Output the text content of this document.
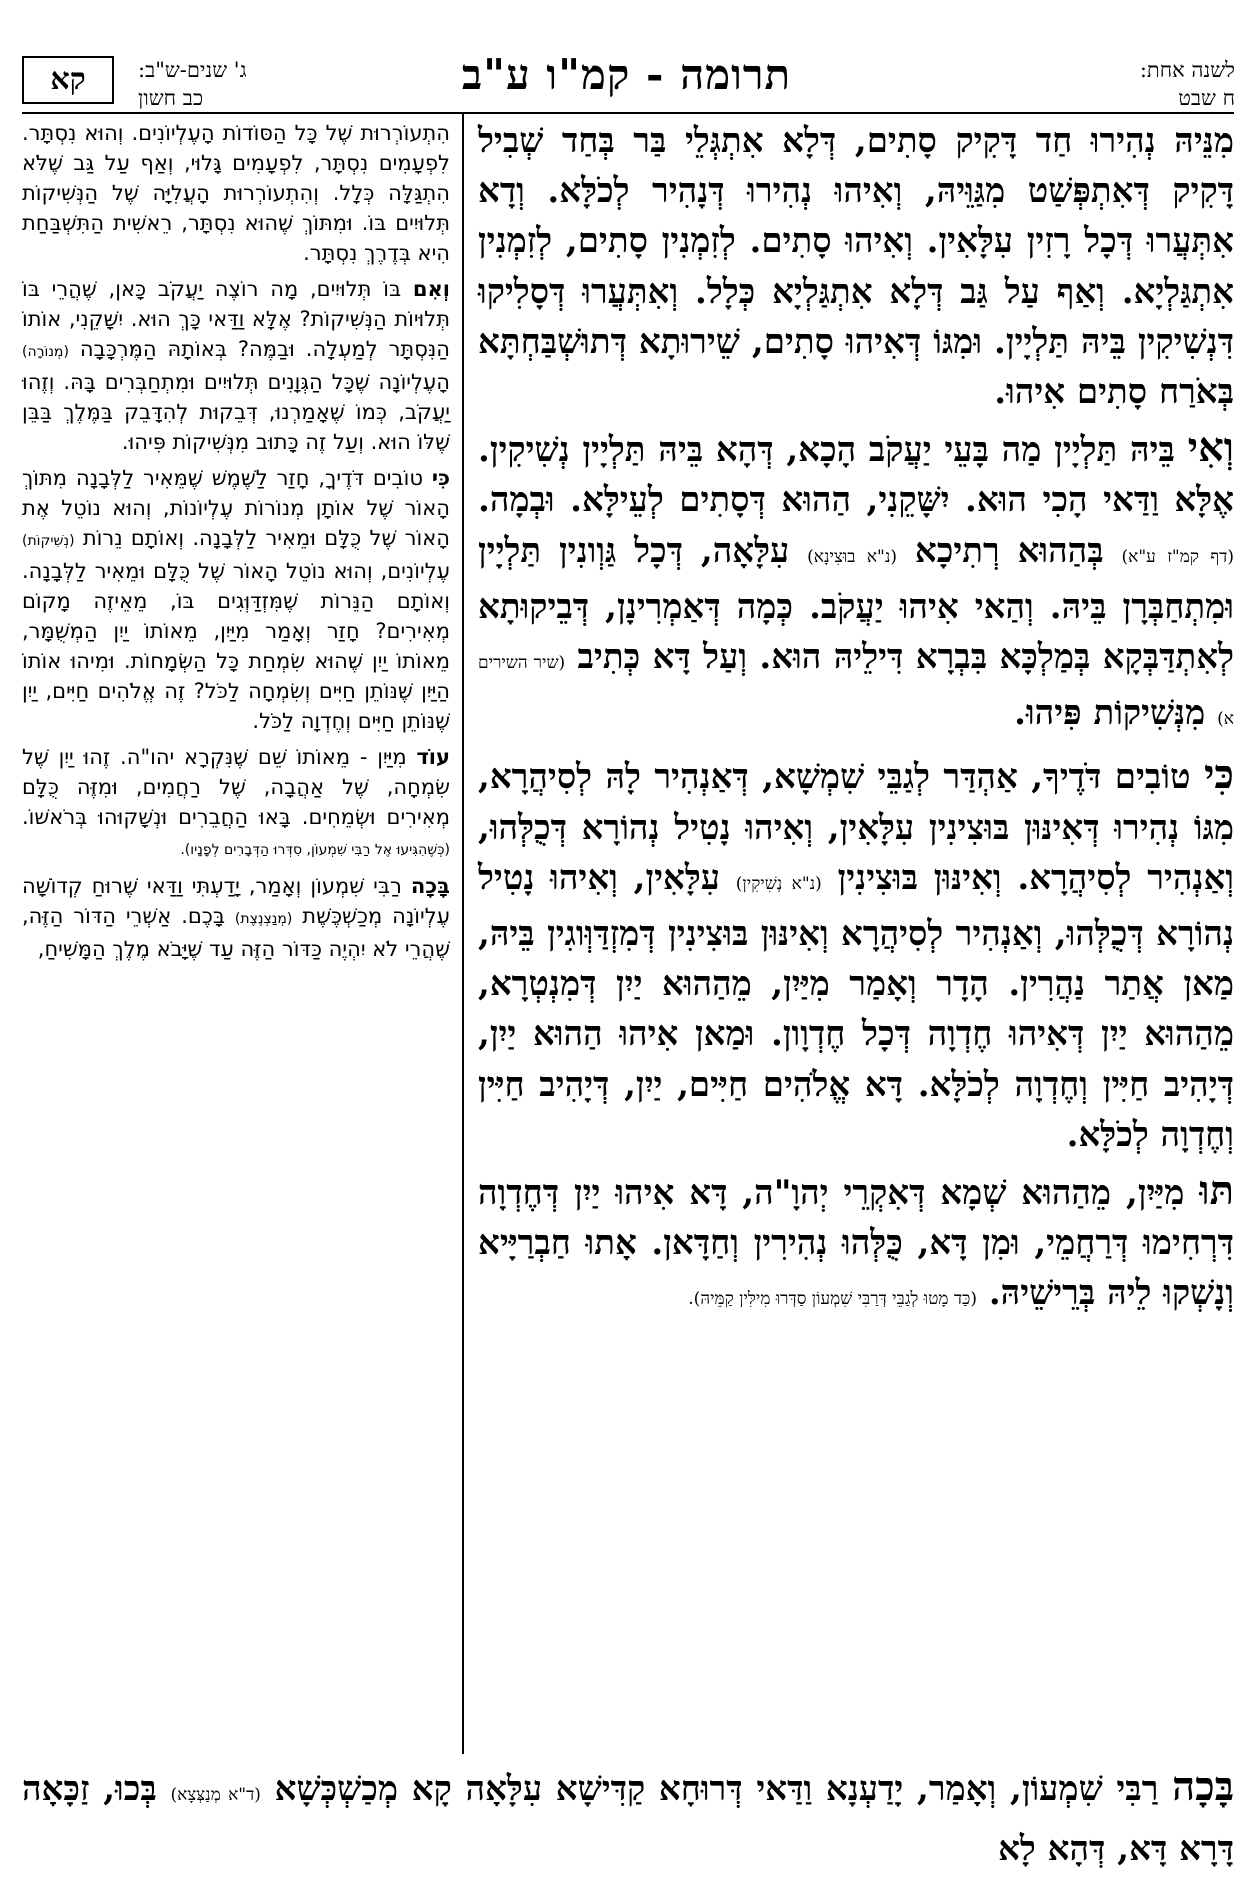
תרומה - קמ"ו ע"ב	לשנה אחת:
ח שבט
ג' שנים-ש"ב:
כב חשון
קא

מִנֵּיהּ נְהִירוּ חַד דָּקִיק סָתִים, דְּלָא אִתְגְּלֵי בַּר בְּחַד שְׁבִיל דָּקִיק דְּאִתְפְּשַׁט מִגַּוֵּיהּ, וְאִיהוּ נְהִירוּ דְּנָהִיר לְכֹלָּא. וְדָא אִתְּעֲרוּ דְּכָל רָזִין עִלָּאִין. וְאִיהוּ סָתִים. לְזִמְנִין סָתִים, לְזִמְנִין אִתְגַּלְיָא. וְאַף עַל גַּב דְּלָא אִתְגַּלְיָא כְּלָל. וְאִתְּעֲרוּ דְּסָלִיקוּ דִּנְשִׁיקִין בֵּיהּ תַּלְיָין. וּמִגּוֹ דְּאִיהוּ סָתִים, שֵׁירוּתָא דְּתוּשְׁבַּחְתָּא בְּאֹרַח סָתִים אִיהוּ.

וְאִי בֵּיהּ תַּלְיָין מַה בָּעֵי יַעֲקֹב הָכָא, דְּהָא בֵּיהּ תַּלְיָין נְשִׁיקִין. אֶלָּא וַדַּאי הָכִי הוּא. יִשָּׁקֵנִי, הַהוּא דְּסָתִים לְעֵילָּא. וּבְמָה. (דף קמ"ז ע"א) בְּהַהוּא רְתִיכָא (נ"א בוּצִינָא) עִלָּאָה, דְּכָל גַּוְונִין תַּלְיָין וּמִתְחַבְּרָן בֵּיהּ. וְהַאי אִיהוּ יַעֲקֹב. כְּמָה דְּאַמְרִינָן, דְּבֵיקוּתָא לְאִתְדַּבְּקָא בְּמַלְכָּא בִּבְרָא דִּילֵיהּ הוּא. וְעַל דָּא כְּתִיב (שיר השירים א) מִנְּשִׁיקוֹת פִּיהוּ.

כִּי טוֹבִים דֹּדֶיךָ, אַהְדַּר לְגַבֵּי שִׁמְשָׁא, דְּאַנְהִיר לָהּ לְסִיהֲרָא, מִגּוֹ נְהִירוּ דְּאִינּוּן בּוּצִינִין עִלָּאִין, וְאִיהוּ נָטִיל נְהוֹרָא דְּכֻלְּהוּ, וְאַנְהִיר לְסִיהֲרָא. וְאִינּוּן בּוּצִינִין (נ"א נְשִׁיקִין) עִלָּאִין, וְאִיהוּ נָטִיל נְהוֹרָא דְּכֻלְּהוּ, וְאַנְהִיר לְסִיהֲרָא וְאִינּוּן בּוּצִינִין דְּמִזְדַּוְּוגִין בֵּיהּ, מַאן אֲתַר נַהֲרִין. הָדָר וְאָמַר מִיַּיִן, מֵהַהוּא יַיִן דְּמִנְטְרָא, מֵהַהוּא יַיִן דְּאִיהוּ חֶדְוָה דְּכָל חֶדְוָון. וּמַאן אִיהוּ הַהוּא יַיִן, דְּיָהִיב חַיִּין וְחֶדְוָה לְכֹלָּא. דָּא אֱלֹהִים חַיִּים, יַיִן, דְּיָהִיב חַיִּין וְחֶדְוָה לְכֹלָּא.

תּוּ מִיַּיִן, מֵהַהוּא שְׁמָא דְּאִקְרֵי יְהוָ"ה, דָּא אִיהוּ יַיִן דְּחֶדְוָה דִּרְחִימוּ דְּרַחֲמֵי, וּמִן דָּא, כֻּלְּהוּ נְהִירִין וְחַדָּאן. אָתוּ חַבְרַיָּיא וְנָשְׁקוּ לֵיהּ בְּרֵישֵׁיהּ. (כַּד מָטוּ לְגַבֵּי דְּרַבִּי שִׁמְעוֹן סַדְּרוּ מִילִּין קַמֵּיהּ).

הִתְעוֹרְרוּת שֶׁל כָּל הַסּוֹדוֹת הָעֶלְיוֹנִים. וְהוּא נִסְתָּר. לִפְעָמִים נִסְתָּר, לִפְעָמִים גָּלוּי, וְאַף עַל גַּב שֶׁלֹּא הִתְגַּלָּה כְּלָל. וְהִתְעוֹרְרוּת הָעֲלִיָּה שֶׁל הַנְּשִׁיקוֹת תְּלוּיִים בּוֹ. וּמִתּוֹךְ שֶׁהוּא נִסְתָּר, רֵאשִׁית הַתִּשְׁבַּחַת הִיא בְּדֶרֶךְ נִסְתָּר.

וְאִם בּוֹ תְּלוּיִים, מָה רוֹצֶה יַעֲקֹב כָּאן, שֶׁהֲרֵי בּוֹ תְּלוּיוֹת הַנְּשִׁיקוֹת? אֶלָּא וַדַּאי כָּךְ הוּא. יִשָּׁקֵנִי, אוֹתוֹ הַנִּסְתָּר לְמַעְלָה. וּבַמֶּה? בְּאוֹתָהּ הַמֶּרְכָּבָה (מְנוֹרָה) הָעֶלְיוֹנָה שֶׁכָּל הַגְּוָנִים תְּלוּיִים וּמִתְחַבְּרִים בָּהּ. וְזֶהוּ יַעֲקֹב, כְּמוֹ שֶׁאָמַרְנוּ, דְּבֵקוּת לְהִדָּבֵק בַּמֶּלֶךְ בַּבֵּן שֶׁלּוֹ הוּא. וְעַל זֶה כָּתוּב מִנְּשִׁיקוֹת פִּיהוּ.

כִּי טוֹבִים דֹּדֶיךָ, חָזַר לַשֶּׁמֶשׁ שֶׁמֵּאִיר לַלְּבָנָה מִתּוֹךְ הָאוֹר שֶׁל אוֹתָן מְנוֹרוֹת עֶלְיוֹנוֹת, וְהוּא נוֹטֵל אֶת הָאוֹר שֶׁל כֻּלָּם וּמֵאִיר לַלְּבָנָה. וְאוֹתָם נֵרוֹת (נְשִׁיקוֹת) עֶלְיוֹנִים, וְהוּא נוֹטֵל הָאוֹר שֶׁל כֻּלָּם וּמֵאִיר לַלְּבָנָה. וְאוֹתָם הַנֵּרוֹת שֶׁמִּזְדַּוְּגִים בּוֹ, מֵאֵיזֶה מָקוֹם מְאִירִים? חָזַר וְאָמַר מִיַּיִן, מֵאוֹתוֹ יַיִן הַמְשֻׁמָּר, מֵאוֹתוֹ יַיִן שֶׁהוּא שִׂמְחַת כָּל הַשְּׂמָחוֹת. וּמִיהוּ אוֹתוֹ הַיַּיִן שֶׁנּוֹתֵן חַיִּים וְשִׂמְחָה לַכֹּל? זֶה אֱלֹהִים חַיִּים, יַיִן שֶׁנּוֹתֵן חַיִּים וְחֶדְוָה לַכֹּל.

עוֹד מִיַּיִן - מֵאוֹתוֹ שֵׁם שֶׁנִּקְרָא יהו"ה. זֶהוּ יַיִן שֶׁל שִׂמְחָה, שֶׁל אַהֲבָה, שֶׁל רַחֲמִים, וּמִזֶּה כֻּלָּם מְאִירִים וּשְׂמֵחִים. בָּאוּ הַחֲבֵרִים וּנְשָׁקוּהוּ בְּרֹאשׁוֹ. (כְּשֶׁהִגִּיעוּ אֶל רַבִּי שִׁמְעוֹן, סִדְּרוּ הַדְּבָרִים לְפָנָיו).

בָּכָה רַבִּי שִׁמְעוֹן וְאָמַר, יָדַעְתִּי וַדַּאי שֶׁרוּחַ קְדוֹשָׁה עֶלְיוֹנָה מְכַשְׁכֶּשֶׁת (מְנַצְנֶצֶת) בָּכֶם. אַשְׁרֵי הַדּוֹר הַזֶּה, שֶׁהֲרֵי לֹא יִהְיֶה כַּדּוֹר הַזֶּה עַד שֶׁיָּבֹא מֶלֶךְ הַמָּשִׁיחַ,

בָּכָה רַבִּי שִׁמְעוֹן, וְאָמַר, יָדַעְנָא וַדַּאי דְּרוּחָא קַדִּישָׁא עִלָּאָה קָא מְכַשְׁכְּשָׁא (ד"א מְנַצְּצָא) בְּכוּ, זַכָּאָה דָּרָא דָּא, דְּהָא לָא
